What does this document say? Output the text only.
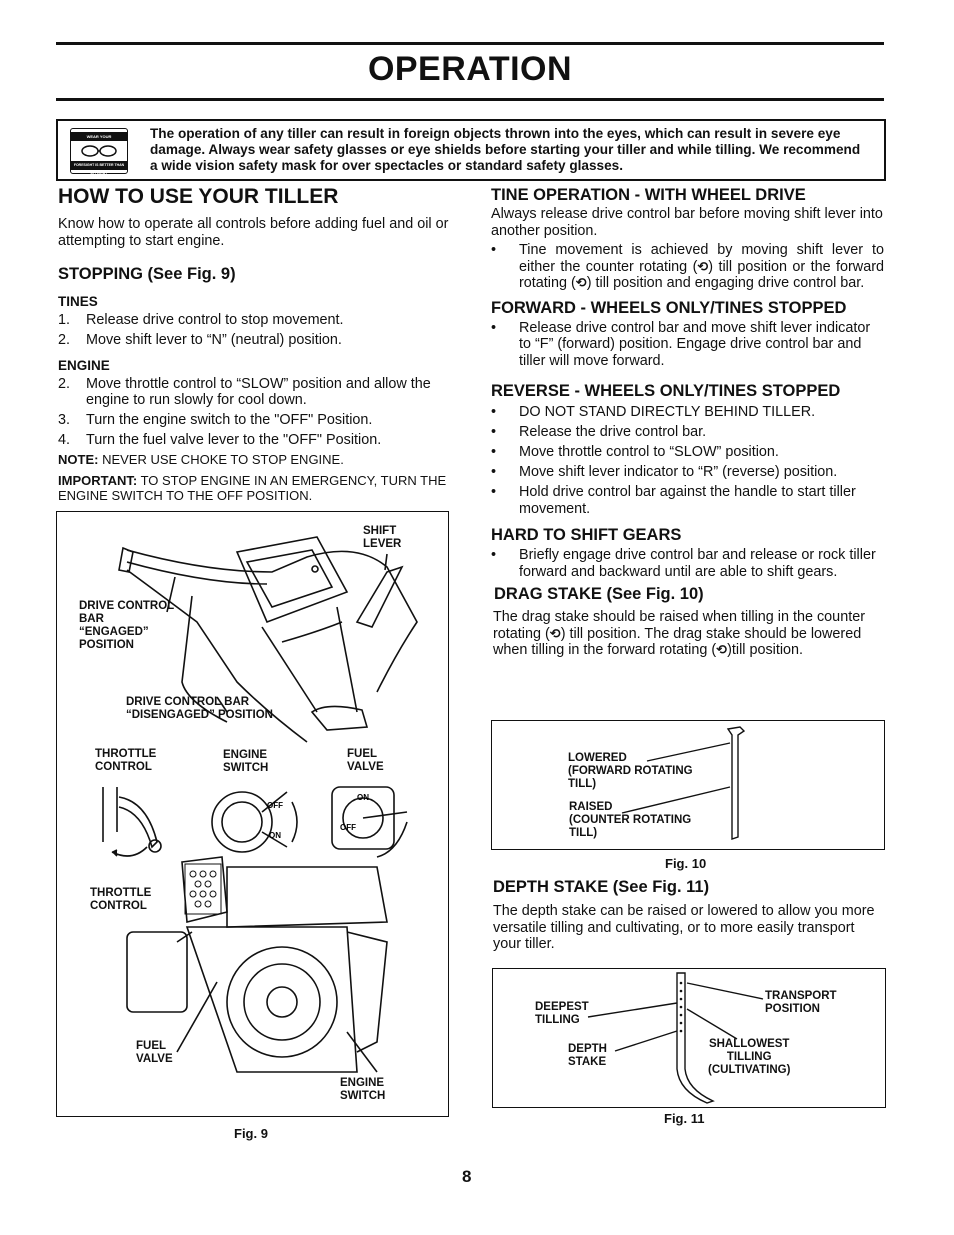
OPERATION
WEAR YOUR
FORESIGHT IS BETTER THAN NO SIGHT
The operation of any tiller can result in foreign objects thrown into the eyes, which can result in severe eye damage. Always wear safety glasses or eye shields before starting your tiller and while tilling. We recommend a wide vision safety mask for over spectacles or standard safety glasses.
HOW TO USE YOUR TILLER
Know how to operate all controls before adding fuel and oil or attempting to start engine.
STOPPING (See Fig. 9)
TINES
1. Release drive control to stop movement.
2. Move shift lever to “N” (neutral) position.
ENGINE
2. Move throttle control to “SLOW” position and allow the engine to run slowly for cool down.
3. Turn the engine switch to the "OFF" Position.
4. Turn the fuel valve lever to the "OFF" Position.
NOTE: NEVER USE CHOKE TO STOP ENGINE.
IMPORTANT: TO STOP ENGINE IN AN EMERGENCY, TURN THE ENGINE SWITCH TO THE OFF POSITION.
OFF
ON
ON
OFF
SHIFT
LEVER
DRIVE CONTROL
BAR
“ENGAGED”
POSITION
DRIVE CONTROL BAR
“DISENGAGED” POSITION
THROTTLE
CONTROL
ENGINE
SWITCH
FUEL
VALVE
THROTTLE
CONTROL
FUEL
VALVE
ENGINE
SWITCH
Fig. 9
TINE OPERATION - WITH WHEEL DRIVE
Always release drive control bar before moving shift lever into another position.
• Tine movement is achieved by moving shift lever to either the counter rotating (⟲) till position or the forward rotating (⟲) till position and engaging drive control bar.
FORWARD - WHEELS ONLY/TINES STOPPED
• Release drive control bar and move shift lever indicator to “F” (forward) position. Engage drive control bar and tiller will move forward.
REVERSE - WHEELS ONLY/TINES STOPPED
• DO NOT STAND DIRECTLY BEHIND TILLER.
• Release the drive control bar.
• Move throttle control to “SLOW” position.
• Move shift lever indicator to “R” (reverse) position.
• Hold drive control bar against the handle to start tiller movement.
HARD TO SHIFT GEARS
• Briefly engage drive control bar and release or rock tiller forward and backward until are able to shift gears.
DRAG STAKE (See Fig. 10)
The drag stake should be raised when tilling in the counter rotating (⟲) till position. The drag stake should be lowered when tilling in the forward rotating (⟲)till position.
LOWERED
(FORWARD ROTATING
TILL)
RAISED
(COUNTER ROTATING
TILL)
Fig. 10
DEPTH STAKE (See Fig. 11)
The depth stake can be raised or lowered to allow you more versatile tilling and cultivating, or to more easily transport your tiller.
DEEPEST
TILLING
DEPTH
STAKE
TRANSPORT
POSITION
SHALLOWEST
TILLING
(CULTIVATING)
Fig. 11
8
